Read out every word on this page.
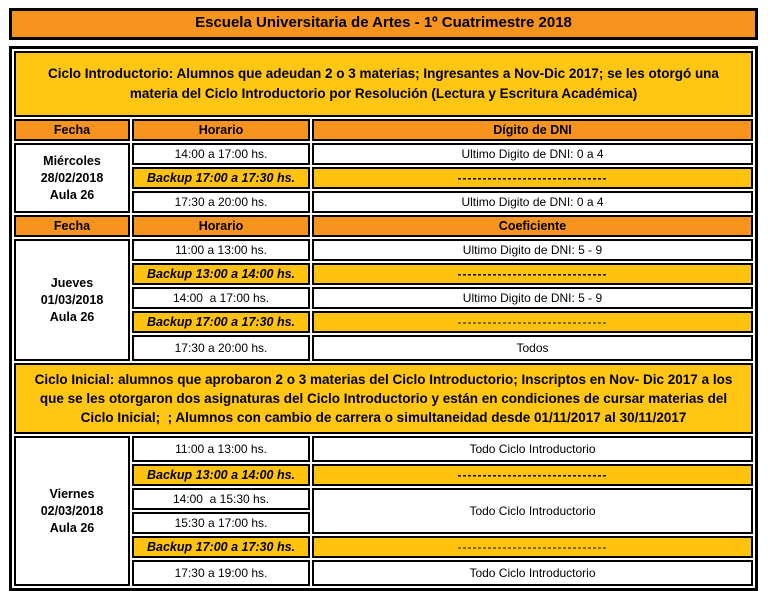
Escuela Universitaria de Artes - 1º Cuatrimestre 2018
Ciclo Introductorio: Alumnos que adeudan 2 o 3 materias; Ingresantes a Nov-Dic 2017; se les otorgó una materia del Ciclo Introductorio por Resolución (Lectura y Escritura Académica)		
Fecha	Horario	Dígito de DNI

Miércoles
28/02/2018
Aula 26	14:00 a 17:00 hs.	Ultimo Digito de DNI: 0 a 4
	Backup 17:00 a 17:30 hs.	------------------------------
	17:30 a 20:00 hs.	Ultimo Digito de DNI: 0 a 4
Fecha	Horario	Coeficiente

Jueves
01/03/2018
Aula 26	11:00 a 13:00 hs.	Ultimo Digito de DNI: 5 - 9
	Backup 13:00 a 14:00 hs.	------------------------------
	14:00  a 17:00 hs.	Ultimo Digito de DNI: 5 - 9
	Backup 17:00 a 17:30 hs.	------------------------------
	17:30 a 20:00 hs.	Todos
Ciclo Inicial: alumnos que aprobaron 2 o 3 materias del Ciclo Introductorio; Inscriptos en Nov- Dic 2017 a los que se les otorgaron dos asignaturas del Ciclo Introductorio y están en condiciones de cursar materias del Ciclo Inicial;  ; Alumnos con cambio de carrera o simultaneidad desde 01/11/2017 al 30/11/2017		

Viernes
02/03/2018
Aula 26	11:00 a 13:00 hs.	Todo Ciclo Introductorio
	Backup 13:00 a 14:00 hs.	------------------------------
	14:00  a 15:30 hs.	Todo Ciclo Introductorio
	15:30 a 17:00 hs.	
	Backup 17:00 a 17:30 hs.	------------------------------
	17:30 a 19:00 hs.	Todo Ciclo Introductorio
